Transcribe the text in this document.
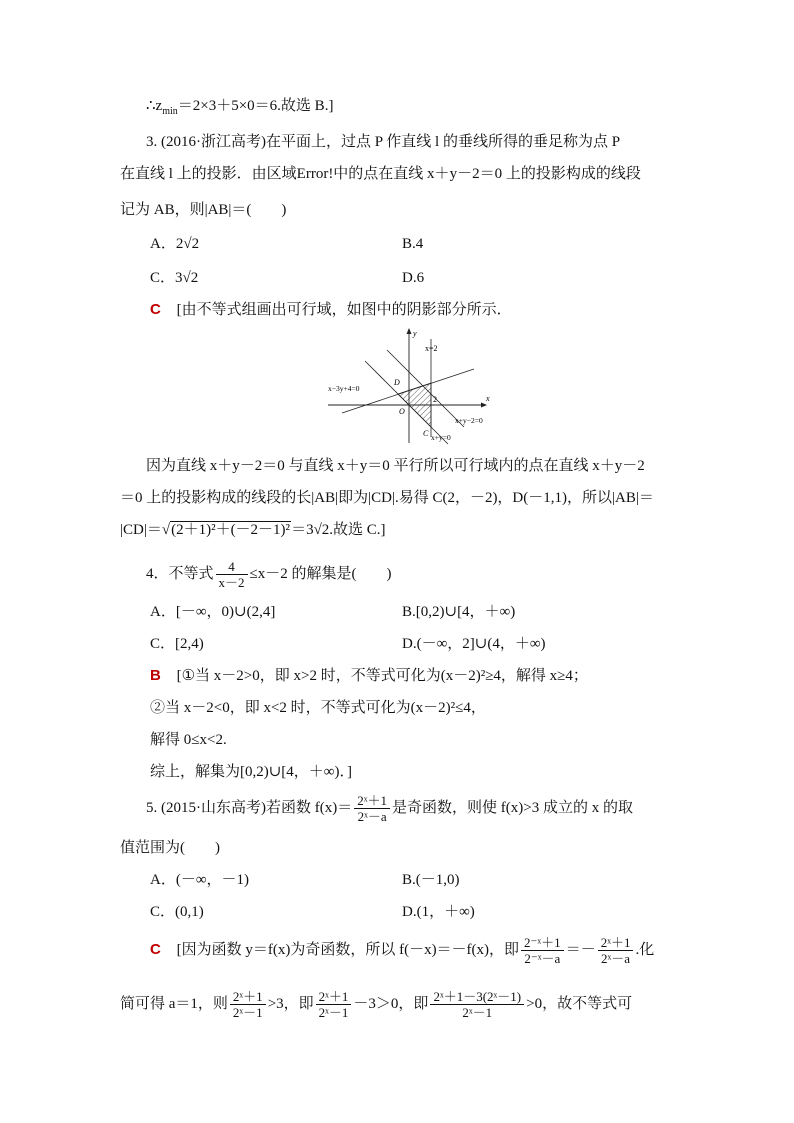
$\therefore z_{min}=2\times 3+5\times 0=6$.故选 B.]
3. (2016·浙江高考)在平面上，过点 P 作直线 l 的垂线所得的垂足称为点 P
在直线 l 上的投影．由区域Error!中的点在直线 x＋y－2＝0 上的投影构成的线段
记为 AB，则|AB|＝(　　)
A．2√2	B.4
C．3√2	D.6
C [由不等式组画出可行域，如图中的阴影部分所示．
y
x
x=2
x−3y+4=0
x+y−2=0
x+y=0
D
C
O
2
因为直线 x＋y－2＝0 与直线 x＋y＝0 平行所以可行域内的点在直线 x＋y－2
＝0 上的投影构成的线段的长|AB|即为|CD|.易得 C(2，－2)，D(－1,1)，所以|AB|＝
|CD|＝√(2＋1)²＋(－2－1)²＝3√2.故选 C.]
4．不等式 $\frac{4}{x-2} \le x-2$ 的解集是(　　)
A．[－∞，0)∪(2,4]	B.[0,2)∪[4，＋∞)
C．[2,4)	D.(－∞，2]∪(4，＋∞)
B [①当 x－2>0，即 x>2 时，不等式可化为(x－2)²≥4，解得 x≥4；
②当 x－2<0，即 x<2 时，不等式可化为(x－2)²≤4，
解得 0≤x<2.
综上，解集为[0,2)∪[4，＋∞)．]
5. (2015·山东高考)若函数 $f(x)= \frac{\text{2ˣ＋1}}{\text{2ˣ－a}}$ 是奇函数，则使 f(x)>3 成立的 x 的取
值范围为(　　)
A．(－∞，－1)	B.(－1,0)
C．(0,1)	D.(1，＋∞)
C [因为函数 y＝f(x)为奇函数，所以 f(－x)＝－f(x)，即 $\frac{\text{2⁻ˣ＋1}}{\text{2⁻ˣ－a}} =- \frac{\text{2ˣ＋1}}{\text{2ˣ－a}}$ .化
简可得 a＝1，则 $\frac{\text{2ˣ＋1}}{\text{2ˣ－1}} >3$，即 $\frac{\text{2ˣ＋1}}{\text{2ˣ－1}} -3>0$，即 $\frac{\text{2ˣ＋1－3(2ˣ－1)}}{\text{2ˣ－1}} >0$，故不等式可
